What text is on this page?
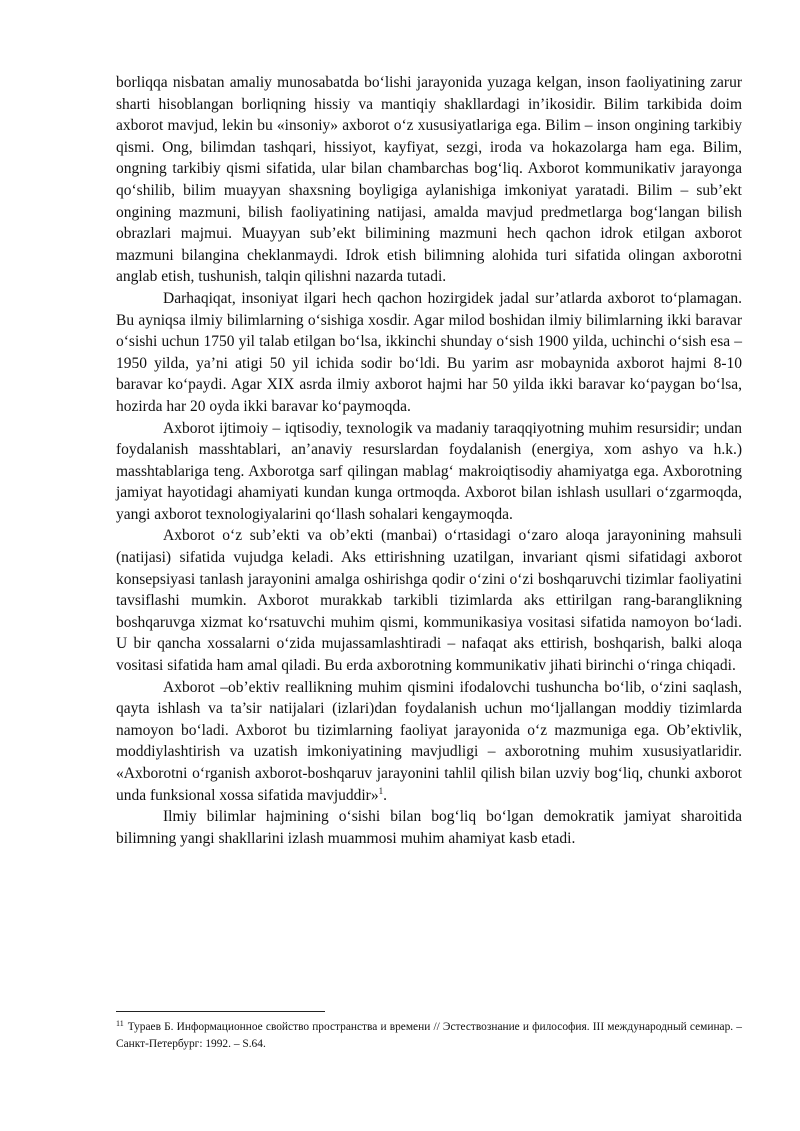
borliqqa nisbatan amaliy munosabatda boʻlishi jarayonida yuzaga kelgan, inson faoliyatining zarur sharti hisoblangan borliqning hissiy va mantiqiy shakllardagi in’ikosidir. Bilim tarkibida doim axborot mavjud, lekin bu «insoniy» axborot oʻz xususiyatlariga ega. Bilim – inson ongining tarkibiy qismi. Ong, bilimdan tashqari, hissiyot, kayfiyat, sezgi, iroda va hokazolarga ham ega. Bilim, ongning tarkibiy qismi sifatida, ular bilan chambarchas bogʻliq. Axborot kommunikativ jarayonga qoʻshilib, bilim muayyan shaxsning boyligiga aylanishiga imkoniyat yaratadi. Bilim – sub’ekt ongining mazmuni, bilish faoliyatining natijasi, amalda mavjud predmetlarga bogʻlangan bilish obrazlari majmui. Muayyan sub’ekt bilimining mazmuni hech qachon idrok etilgan axborot mazmuni bilangina cheklanmaydi. Idrok etish bilimning alohida turi sifatida olingan axborotni anglab etish, tushunish, talqin qilishni nazarda tutadi.

Darhaqiqat, insoniyat ilgari hech qachon hozirgidek jadal sur’atlarda axborot toʻplamagan. Bu ayniqsa ilmiy bilimlarning oʻsishiga xosdir. Agar milod boshidan ilmiy bilimlarning ikki baravar oʻsishi uchun 1750 yil talab etilgan boʻlsa, ikkinchi shunday oʻsish 1900 yilda, uchinchi oʻsish esa – 1950 yilda, ya’ni atigi 50 yil ichida sodir boʻldi. Bu yarim asr mobaynida axborot hajmi 8-10 baravar koʻpaydi. Agar XIX asrda ilmiy axborot hajmi har 50 yilda ikki baravar koʻpaygan boʻlsa, hozirda har 20 oyda ikki baravar koʻpaymoqda.

Axborot ijtimoiy – iqtisodiy, texnologik va madaniy taraqqiyotning muhim resursidir; undan foydalanish masshtablari, an’anaviy resurslardan foydalanish (energiya, xom ashyo va h.k.) masshtablariga teng. Axborotga sarf qilingan mablagʻ makroiqtisodiy ahamiyatga ega. Axborotning jamiyat hayotidagi ahamiyati kundan kunga ortmoqda. Axborot bilan ishlash usullari oʻzgarmoqda, yangi axborot texnologiyalarini qoʻllash sohalari kengaymoqda.

Axborot oʻz sub’ekti va ob’ekti (manbai) oʻrtasidagi oʻzaro aloqa jarayonining mahsuli (natijasi) sifatida vujudga keladi. Aks ettirishning uzatilgan, invariant qismi sifatidagi axborot konsepsiyasi tanlash jarayonini amalga oshirishga qodir oʻzini oʻzi boshqaruvchi tizimlar faoliyatini tavsiflashi mumkin. Axborot murakkab tarkibli tizimlarda aks ettirilgan rang-baranglikning boshqaruvga xizmat koʻrsatuvchi muhim qismi, kommunikasiya vositasi sifatida namoyon boʻladi. U bir qancha xossalarni oʻzida mujassamlashtiradi – nafaqat aks ettirish, boshqarish, balki aloqa vositasi sifatida ham amal qiladi. Bu erda axborotning kommunikativ jihati birinchi oʻringa chiqadi.

Axborot –ob’ektiv reallikning muhim qismini ifodalovchi tushuncha boʻlib, oʻzini saqlash, qayta ishlash va ta’sir natijalari (izlari)dan foydalanish uchun moʻljallangan moddiy tizimlarda namoyon boʻladi. Axborot bu tizimlarning faoliyat jarayonida oʻz mazmuniga ega. Ob’ektivlik, moddiylashtirish va uzatish imkoniyatining mavjudligi – axborotning muhim xususiyatlaridir. «Axborotni oʻrganish axborot-boshqaruv jarayonini tahlil qilish bilan uzviy bogʻliq, chunki axborot unda funksional xossa sifatida mavjuddir»$^1$.

Ilmiy bilimlar hajmining oʻsishi bilan bogʻliq boʻlgan demokratik jamiyat sharoitida bilimning yangi shakllarini izlash muammosi muhim ahamiyat kasb etadi.

$^{11}$ Тураев Б. Информационное свойство пространства и времени // Эстествознание и философия. III международный семинар. – Санкт-Петербург: 1992. – S.64.
